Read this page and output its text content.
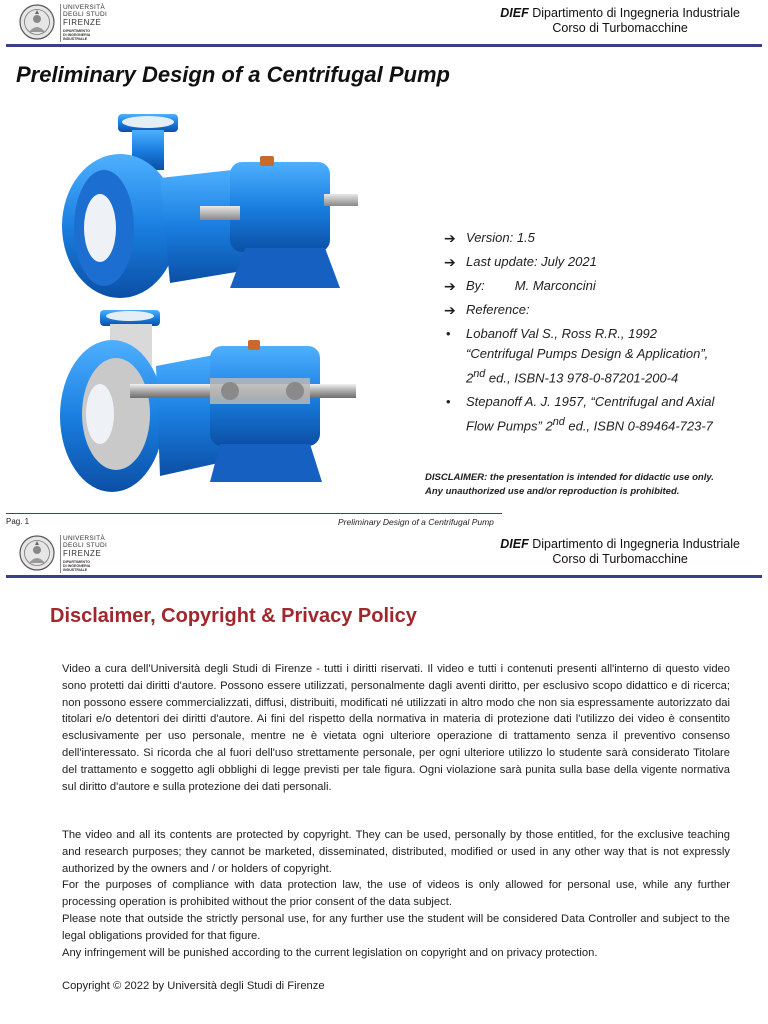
UNIVERSITÀ
DEGLI STUDI
FIRENZE
DIPARTIMENTO
DI INGEGNERIA
INDUSTRIALE
DIEF Dipartimento di Ingegneria Industriale
Corso di Turbomacchine
Preliminary Design of a Centrifugal Pump
➔ Version: 1.5
➔ Last update: July 2021
➔ By: M. Marconcini
➔ Reference:
• Lobanoff Val S., Ross R.R., 1992
“Centrifugal Pumps Design & Application”,
2nd ed., ISBN-13 978-0-87201-200-4
• Stepanoff A. J. 1957, “Centrifugal and Axial
Flow Pumps” 2nd ed., ISBN 0-89464-723-7
DISCLAIMER: the presentation is intended for didactic use only.
Any unauthorized use and/or reproduction is prohibited.
Pag. 1	Preliminary Design of a Centrifugal Pump
UNIVERSITÀ
DEGLI STUDI
FIRENZE
DIPARTIMENTO
DI INGEGNERIA
INDUSTRIALE
DIEF Dipartimento di Ingegneria Industriale
Corso di Turbomacchine
Disclaimer, Copyright & Privacy Policy

Video a cura dell'Università degli Studi di Firenze - tutti i diritti riservati. Il video e tutti i contenuti presenti all'interno di questo video sono protetti dai diritti d'autore. Possono essere utilizzati, personalmente dagli aventi diritto, per esclusivo scopo didattico e di ricerca; non possono essere commercializzati, diffusi, distribuiti, modificati né utilizzati in altro modo che non sia espressamente autorizzato dai titolari e/o detentori dei diritti d'autore. Ai fini del rispetto della normativa in materia di protezione dati l'utilizzo dei video è consentito esclusivamente per uso personale, mentre ne è vietata ogni ulteriore operazione di trattamento senza il preventivo consenso dell'interessato. Si ricorda che al fuori dell'uso strettamente personale, per ogni ulteriore utilizzo lo studente sarà considerato Titolare del trattamento e soggetto agli obblighi di legge previsti per tale figura. Ogni violazione sarà punita sulla base della vigente normativa sul diritto d'autore e sulla protezione dei dati personali.

The video and all its contents are protected by copyright. They can be used, personally by those entitled, for the exclusive teaching and research purposes; they cannot be marketed, disseminated, distributed, modified or used in any other way that is not expressly authorized by the owners and / or holders of copyright.

For the purposes of compliance with data protection law, the use of videos is only allowed for personal use, while any further processing operation is prohibited without the prior consent of the data subject.

Please note that outside the strictly personal use, for any further use the student will be considered Data Controller and subject to the legal obligations provided for that figure.

Any infringement will be punished according to the current legislation on copyright and on privacy protection.

Copyright © 2022 by Università degli Studi di Firenze
